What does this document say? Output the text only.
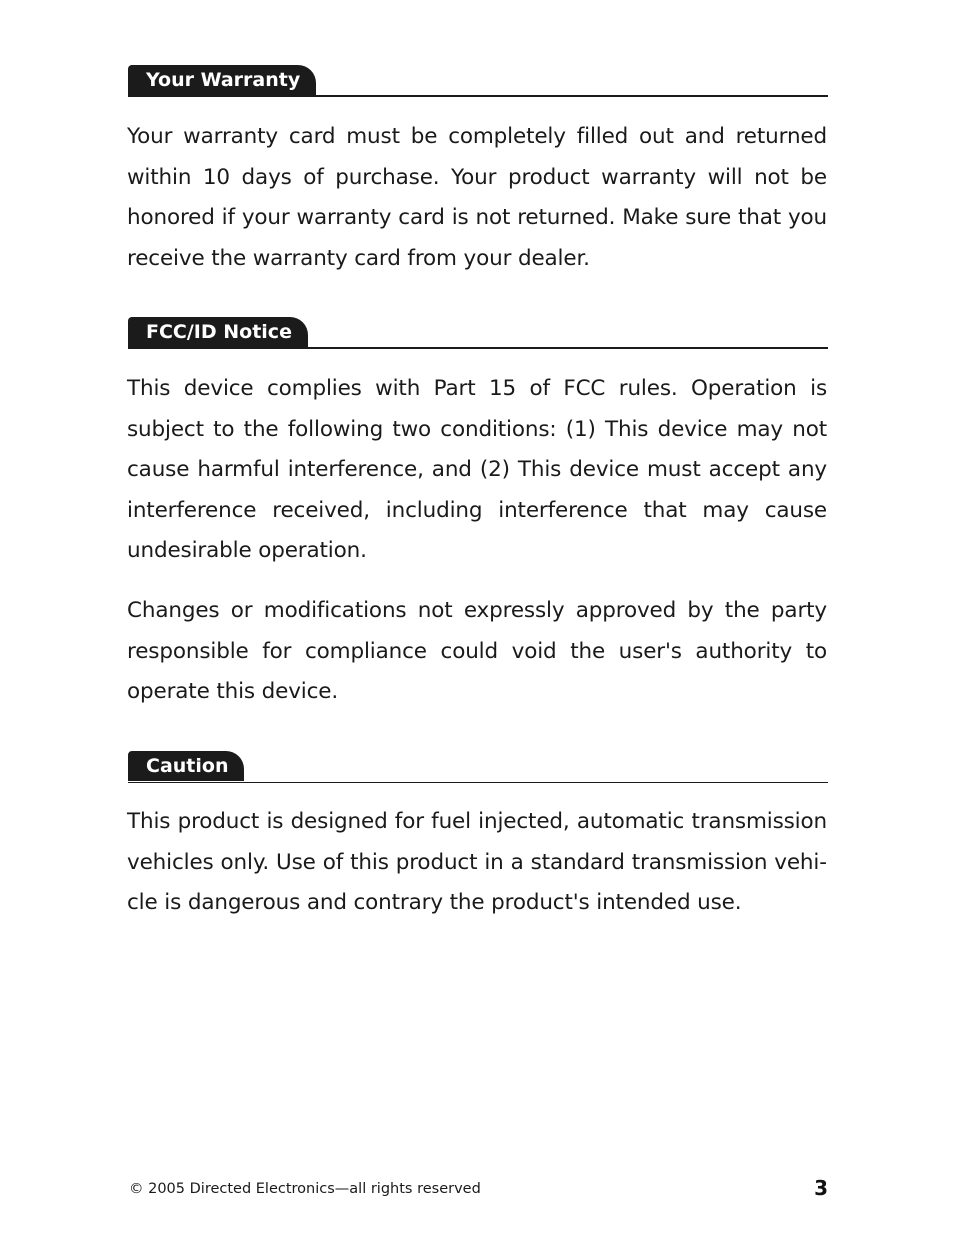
Your Warranty

Your warranty card must be completely filled out and returned within 10 days of purchase. Your product warranty will not be honored if your warranty card is not returned. Make sure that you receive the warranty card from your dealer.

FCC/ID Notice

This device complies with Part 15 of FCC rules. Operation is subject to the following two conditions: (1) This device may not cause harmful interference, and (2) This device must accept any interference received, including interference that may cause undesirable operation.

Changes or modifications not expressly approved by the party responsible for compliance could void the user's authority to operate this device.

Caution

This product is designed for fuel injected, automatic transmission vehicles only. Use of this product in a standard transmission vehicle is dangerous and contrary the product's intended use.

© 2005 Directed Electronics—all rights reserved	3
